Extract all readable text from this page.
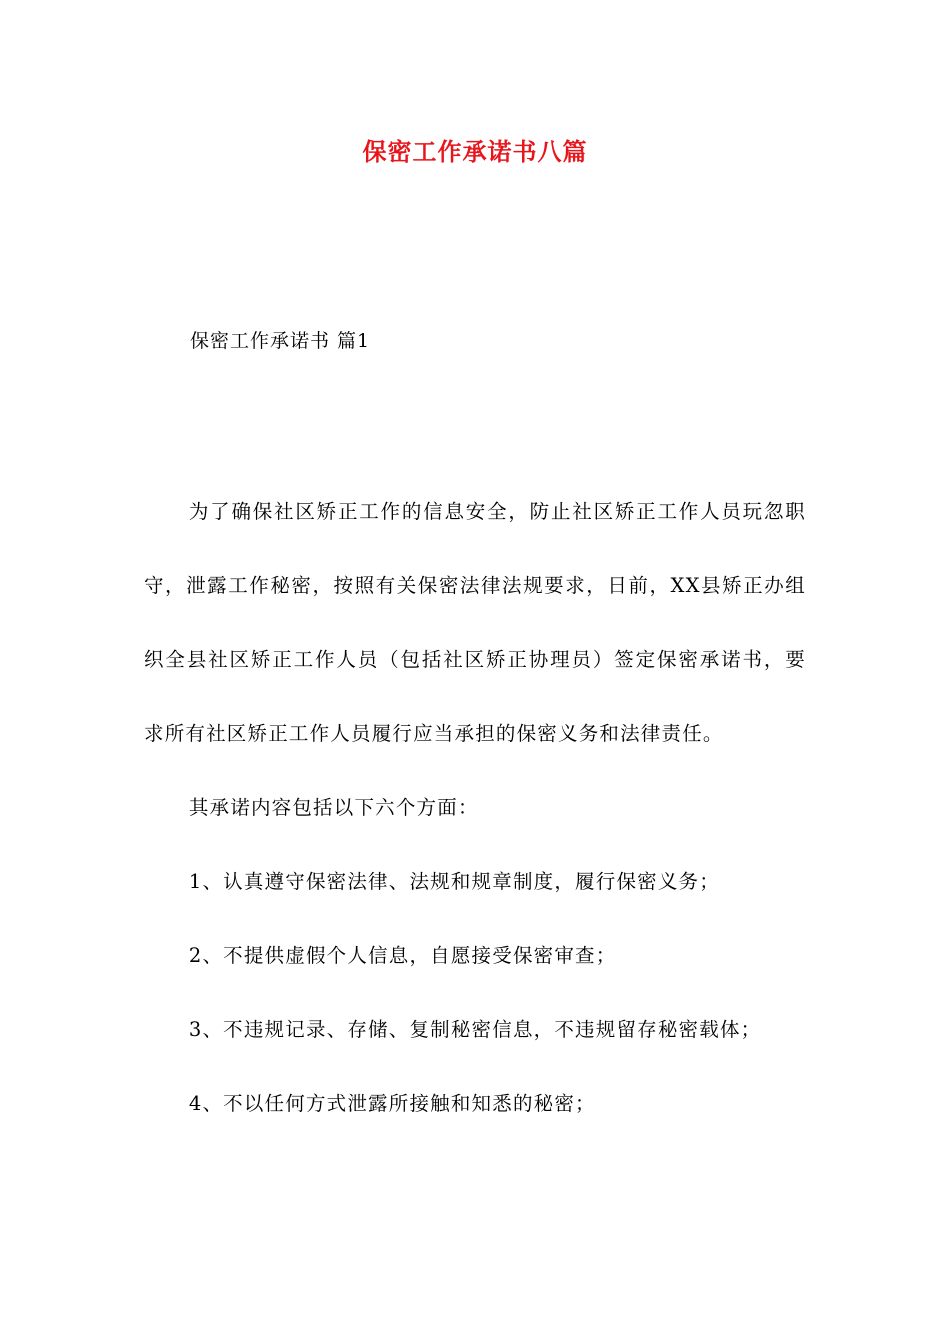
保密工作承诺书八篇
保密工作承诺书 篇1

为了确保社区矫正工作的信息安全，防止社区矫正工作人员玩忽职守，泄露工作秘密，按照有关保密法律法规要求，日前，XX县矫正办组织全县社区矫正工作人员（包括社区矫正协理员）签定保密承诺书，要求所有社区矫正工作人员履行应当承担的保密义务和法律责任。

其承诺内容包括以下六个方面：

1、认真遵守保密法律、法规和规章制度，履行保密义务；

2、不提供虚假个人信息，自愿接受保密审查；

3、不违规记录、存储、复制秘密信息，不违规留存秘密载体；

4、不以任何方式泄露所接触和知悉的秘密；
